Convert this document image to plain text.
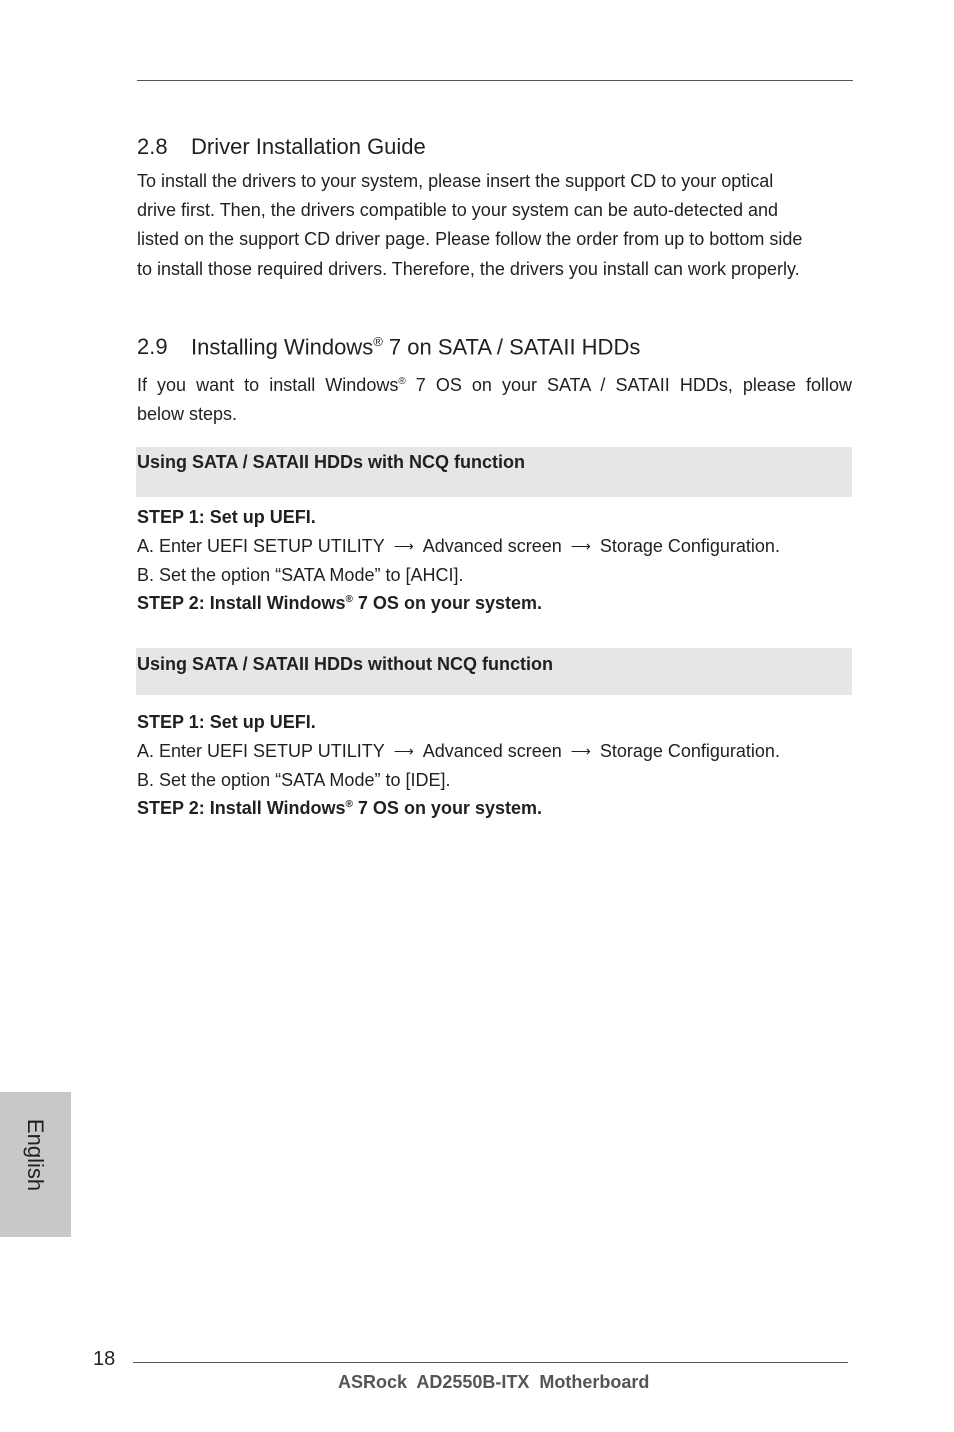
2.8 Driver Installation Guide
To install the drivers to your system, please insert the support CD to your optical
drive first. Then, the drivers compatible to your system can be auto-detected and
listed on the support CD driver page. Please follow the order from up to bottom side
to install those required drivers. Therefore, the drivers you install can work properly.
2.9 Installing Windows® 7 on SATA / SATAII HDDs
If you want to install Windows® 7 OS on your SATA / SATAII HDDs, please follow
below steps.
Using SATA / SATAII HDDs with NCQ function
STEP 1: Set up UEFI.
A. Enter UEFI SETUP UTILITY ⟶ Advanced screen ⟶ Storage Configuration.
B. Set the option “SATA Mode” to [AHCI].
STEP 2: Install Windows® 7 OS on your system.
Using SATA / SATAII HDDs without NCQ function
STEP 1: Set up UEFI.
A. Enter UEFI SETUP UTILITY ⟶ Advanced screen ⟶ Storage Configuration.
B. Set the option “SATA Mode” to [IDE].
STEP 2: Install Windows® 7 OS on your system.
English
18
ASRock  AD2550B-ITX  Motherboard
